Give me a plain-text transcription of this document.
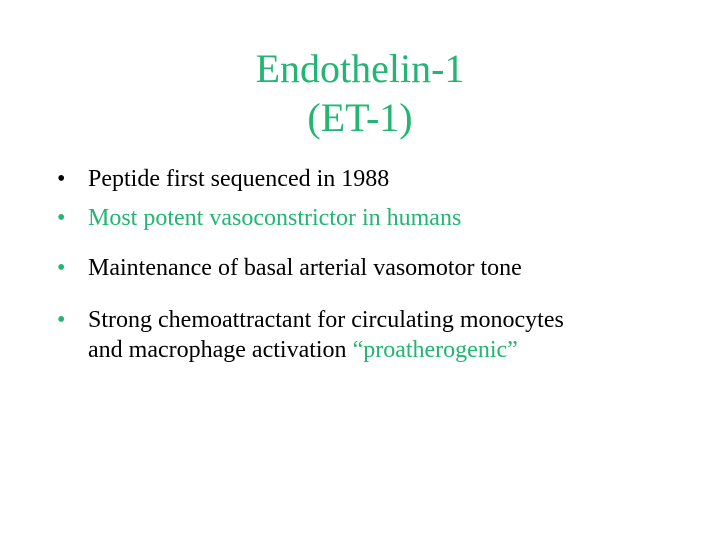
Endothelin-1
(ET-1)
• Peptide first sequenced in 1988
• Most potent vasoconstrictor in humans
• Maintenance of basal arterial vasomotor tone
• Strong chemoattractant for circulating monocytes
and macrophage activation “proatherogenic”
